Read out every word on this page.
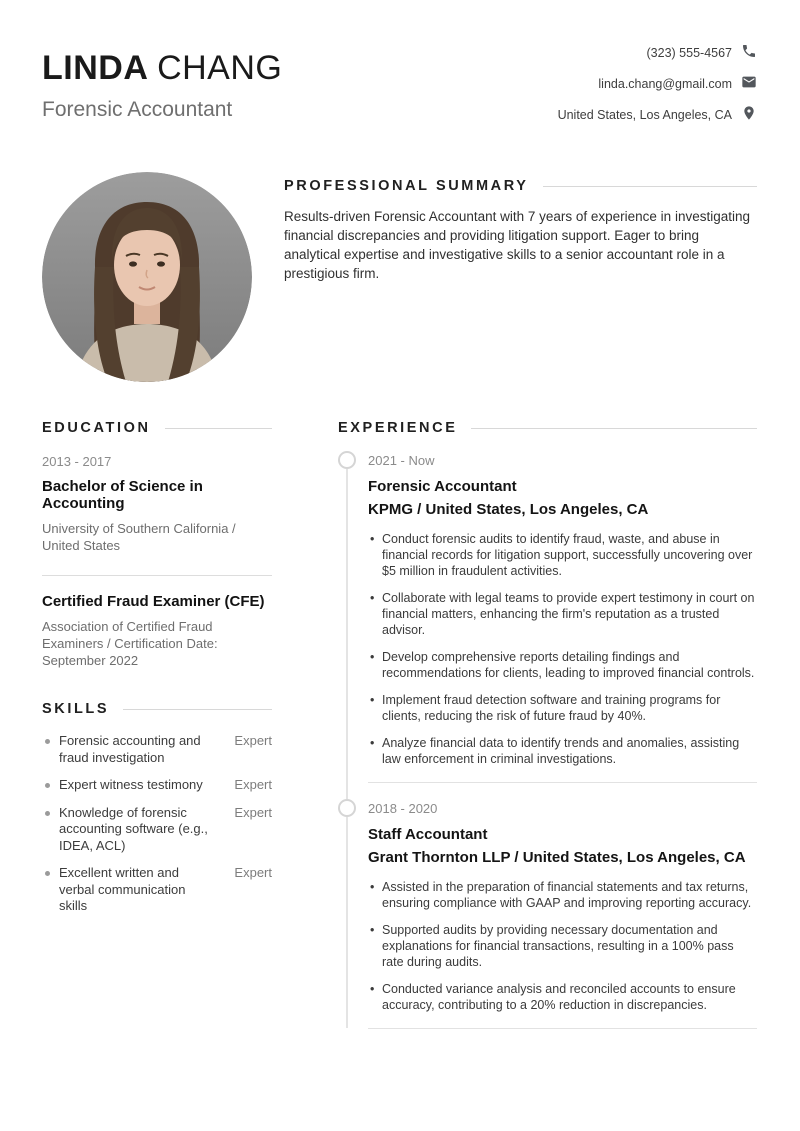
LINDA CHANG
Forensic Accountant
(323) 555-4567
linda.chang@gmail.com
United States, Los Angeles, CA
PROFESSIONAL SUMMARY

Results-driven Forensic Accountant with 7 years of experience in investigating financial discrepancies and providing litigation support. Eager to bring analytical expertise and investigative skills to a senior accountant role in a prestigious firm.

EDUCATION
2013 - 2017
Bachelor of Science in Accounting
University of Southern California / United States
Certified Fraud Examiner (CFE)
Association of Certified Fraud Examiners / Certification Date: September 2022
SKILLS
Forensic accounting and fraud investigation
Expert
Expert witness testimony	Expert
Knowledge of forensic accounting software (e.g., IDEA, ACL)
Expert
Excellent written and verbal communication skills
Expert
EXPERIENCE
2021 - Now
Forensic Accountant
KPMG / United States, Los Angeles, CA
• Conduct forensic audits to identify fraud, waste, and abuse in financial records for litigation support, successfully uncovering over $5 million in fraudulent activities.
• Collaborate with legal teams to provide expert testimony in court on financial matters, enhancing the firm's reputation as a trusted advisor.
• Develop comprehensive reports detailing findings and recommendations for clients, leading to improved financial controls.
• Implement fraud detection software and training programs for clients, reducing the risk of future fraud by 40%.
• Analyze financial data to identify trends and anomalies, assisting law enforcement in criminal investigations.
2018 - 2020
Staff Accountant
Grant Thornton LLP / United States, Los Angeles, CA
• Assisted in the preparation of financial statements and tax returns, ensuring compliance with GAAP and improving reporting accuracy.
• Supported audits by providing necessary documentation and explanations for financial transactions, resulting in a 100% pass rate during audits.
• Conducted variance analysis and reconciled accounts to ensure accuracy, contributing to a 20% reduction in discrepancies.
